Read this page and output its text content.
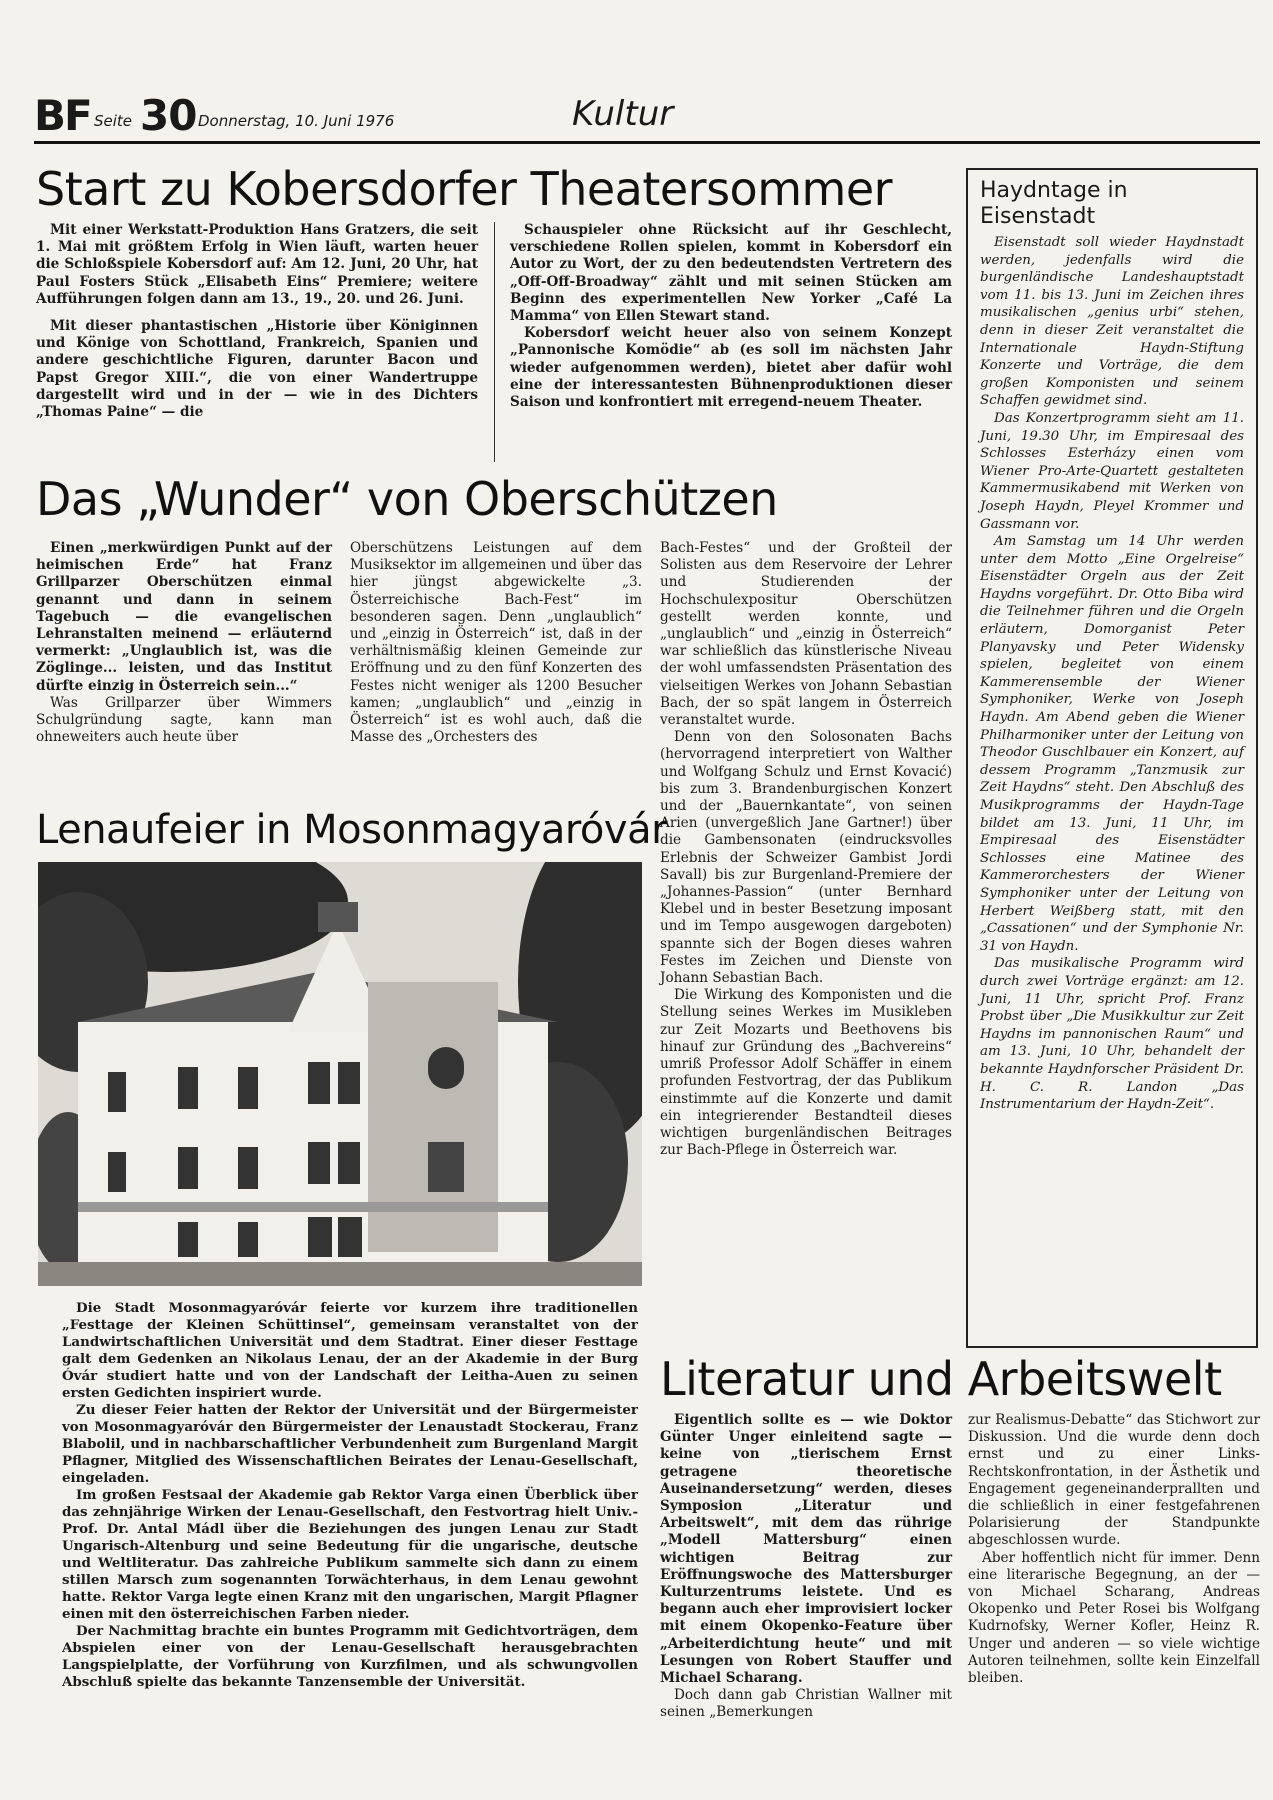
BF Seite 30 Donnerstag, 10. Juni 1976	Kultur
Start zu Kobersdorfer Theatersommer

Mit einer Werkstatt-Produktion Hans Gratzers, die seit 1. Mai mit größtem Erfolg in Wien läuft, warten heuer die Schloßspiele Kobersdorf auf: Am 12. Juni, 20 Uhr, hat Paul Fosters Stück „Elisabeth Eins“ Premiere; weitere Aufführungen folgen dann am 13., 19., 20. und 26. Juni.

Mit dieser phantastischen „Historie über Königinnen und Könige von Schottland, Frankreich, Spanien und andere geschichtliche Figuren, darunter Bacon und Papst Gregor XIII.“, die von einer Wandertruppe dargestellt wird und in der — wie in des Dichters „Thomas Paine“ — die

Schauspieler ohne Rücksicht auf ihr Geschlecht, verschiedene Rollen spielen, kommt in Kobersdorf ein Autor zu Wort, der zu den bedeutendsten Vertretern des „Off-Off-Broadway“ zählt und mit seinen Stücken am Beginn des experimentellen New Yorker „Café La Mamma“ von Ellen Stewart stand.

Kobersdorf weicht heuer also von seinem Konzept „Pannonische Komödie“ ab (es soll im nächsten Jahr wieder aufgenommen werden), bietet aber dafür wohl eine der interessantesten Bühnenproduktionen dieser Saison und konfrontiert mit erregend-neuem Theater.

Haydntage in Eisenstadt

Eisenstadt soll wieder Haydnstadt werden, jedenfalls wird die burgenländische Landeshauptstadt vom 11. bis 13. Juni im Zeichen ihres musikalischen „genius urbi“ stehen, denn in dieser Zeit veranstaltet die Internationale Haydn-Stiftung Konzerte und Vorträge, die dem großen Komponisten und seinem Schaffen gewidmet sind.

Das Konzertprogramm sieht am 11. Juni, 19.30 Uhr, im Empiresaal des Schlosses Esterházy einen vom Wiener Pro-Arte-Quartett gestalteten Kammermusikabend mit Werken von Joseph Haydn, Pleyel Krommer und Gassmann vor.

Am Samstag um 14 Uhr werden unter dem Motto „Eine Orgelreise“ Eisenstädter Orgeln aus der Zeit Haydns vorgeführt. Dr. Otto Biba wird die Teilnehmer führen und die Orgeln erläutern, Domorganist Peter Planyavsky und Peter Widensky spielen, begleitet von einem Kammerensemble der Wiener Symphoniker, Werke von Joseph Haydn. Am Abend geben die Wiener Philharmoniker unter der Leitung von Theodor Guschlbauer ein Konzert, auf dessem Programm „Tanzmusik zur Zeit Haydns“ steht. Den Abschluß des Musikprogramms der Haydn-Tage bildet am 13. Juni, 11 Uhr, im Empiresaal des Eisenstädter Schlosses eine Matinee des Kammerorchesters der Wiener Symphoniker unter der Leitung von Herbert Weißberg statt, mit den „Cassationen“ und der Symphonie Nr. 31 von Haydn.

Das musikalische Programm wird durch zwei Vorträge ergänzt: am 12. Juni, 11 Uhr, spricht Prof. Franz Probst über „Die Musikkultur zur Zeit Haydns im pannonischen Raum“ und am 13. Juni, 10 Uhr, behandelt der bekannte Haydnforscher Präsident Dr. H. C. R. Landon „Das Instrumentarium der Haydn-Zeit“.

Das „Wunder“ von Oberschützen

Einen „merkwürdigen Punkt auf der heimischen Erde“ hat Franz Grillparzer Oberschützen einmal genannt und dann in seinem Tagebuch — die evangelischen Lehranstalten meinend — erläuternd vermerkt: „Unglaublich ist, was die Zöglinge... leisten, und das Institut dürfte einzig in Österreich sein...“

Was Grillparzer über Wimmers Schulgründung sagte, kann man ohneweiters auch heute über

Oberschützens Leistungen auf dem Musiksektor im allgemeinen und über das hier jüngst abgewickelte „3. Österreichische Bach-Fest“ im besonderen sagen. Denn „unglaublich“ und „einzig in Österreich“ ist, daß in der verhältnismäßig kleinen Gemeinde zur Eröffnung und zu den fünf Konzerten des Festes nicht weniger als 1200 Besucher kamen; „unglaublich“ und „einzig in Österreich“ ist es wohl auch, daß die Masse des „Orchesters des

Bach-Festes“ und der Großteil der Solisten aus dem Reservoire der Lehrer und Studierenden der Hochschulexpositur Oberschützen gestellt werden konnte, und „unglaublich“ und „einzig in Österreich“ war schließlich das künstlerische Niveau der wohl umfassendsten Präsentation des vielseitigen Werkes von Johann Sebastian Bach, der so spät langem in Österreich veranstaltet wurde.

Denn von den Solosonaten Bachs (hervorragend interpretiert von Walther und Wolfgang Schulz und Ernst Kovacić) bis zum 3. Brandenburgischen Konzert und der „Bauernkantate“, von seinen Arien (unvergeßlich Jane Gartner!) über die Gambensonaten (eindrucksvolles Erlebnis der Schweizer Gambist Jordi Savall) bis zur Burgenland-Premiere der „Johannes-Passion“ (unter Bernhard Klebel und in bester Besetzung imposant und im Tempo ausgewogen dargeboten) spannte sich der Bogen dieses wahren Festes im Zeichen und Dienste von Johann Sebastian Bach.

Die Wirkung des Komponisten und die Stellung seines Werkes im Musikleben zur Zeit Mozarts und Beethovens bis hinauf zur Gründung des „Bachvereins“ umriß Professor Adolf Schäffer in einem profunden Festvortrag, der das Publikum einstimmte auf die Konzerte und damit ein integrierender Bestandteil dieses wichtigen burgenländischen Beitrages zur Bach-Pflege in Österreich war.

Lenaufeier in Mosonmagyaróvár

Die Stadt Mosonmagyaróvár feierte vor kurzem ihre traditionellen „Festtage der Kleinen Schüttinsel“, gemeinsam veranstaltet von der Landwirtschaftlichen Universität und dem Stadtrat. Einer dieser Festtage galt dem Gedenken an Nikolaus Lenau, der an der Akademie in der Burg Óvár studiert hatte und von der Landschaft der Leitha-Auen zu seinen ersten Gedichten inspiriert wurde.

Zu dieser Feier hatten der Rektor der Universität und der Bürgermeister von Mosonmagyaróvár den Bürgermeister der Lenaustadt Stockerau, Franz Blabolil, und in nachbarschaftlicher Verbundenheit zum Burgenland Margit Pflagner, Mitglied des Wissenschaftlichen Beirates der Lenau-Gesellschaft, eingeladen.

Im großen Festsaal der Akademie gab Rektor Varga einen Überblick über das zehnjährige Wirken der Lenau-Gesellschaft, den Festvortrag hielt Univ.-Prof. Dr. Antal Mádl über die Beziehungen des jungen Lenau zur Stadt Ungarisch-Altenburg und seine Bedeutung für die ungarische, deutsche und Weltliteratur. Das zahlreiche Publikum sammelte sich dann zu einem stillen Marsch zum sogenannten Torwächterhaus, in dem Lenau gewohnt hatte. Rektor Varga legte einen Kranz mit den ungarischen, Margit Pflagner einen mit den österreichischen Farben nieder.

Der Nachmittag brachte ein buntes Programm mit Gedichtvorträgen, dem Abspielen einer von der Lenau-Gesellschaft herausgebrachten Langspielplatte, der Vorführung von Kurzfilmen, und als schwungvollen Abschluß spielte das bekannte Tanzensemble der Universität.

Literatur und Arbeitswelt

Eigentlich sollte es — wie Doktor Günter Unger einleitend sagte — keine von „tierischem Ernst getragene theoretische Auseinandersetzung“ werden, dieses Symposion „Literatur und Arbeitswelt“, mit dem das rührige „Modell Mattersburg“ einen wichtigen Beitrag zur Eröffnungswoche des Mattersburger Kulturzentrums leistete. Und es begann auch eher improvisiert locker mit einem Okopenko-Feature über „Arbeiterdichtung heute“ und mit Lesungen von Robert Stauffer und Michael Scharang.

Doch dann gab Christian Wallner mit seinen „Bemerkungen

zur Realismus-Debatte“ das Stichwort zur Diskussion. Und die wurde denn doch ernst und zu einer Links-Rechtskonfrontation, in der Ästhetik und Engagement gegeneinanderprallten und die schließlich in einer festgefahrenen Polarisierung der Standpunkte abgeschlossen wurde.

Aber hoffentlich nicht für immer. Denn eine literarische Begegnung, an der — von Michael Scharang, Andreas Okopenko und Peter Rosei bis Wolfgang Kudrnofsky, Werner Kofler, Heinz R. Unger und anderen — so viele wichtige Autoren teilnehmen, sollte kein Einzelfall bleiben.
